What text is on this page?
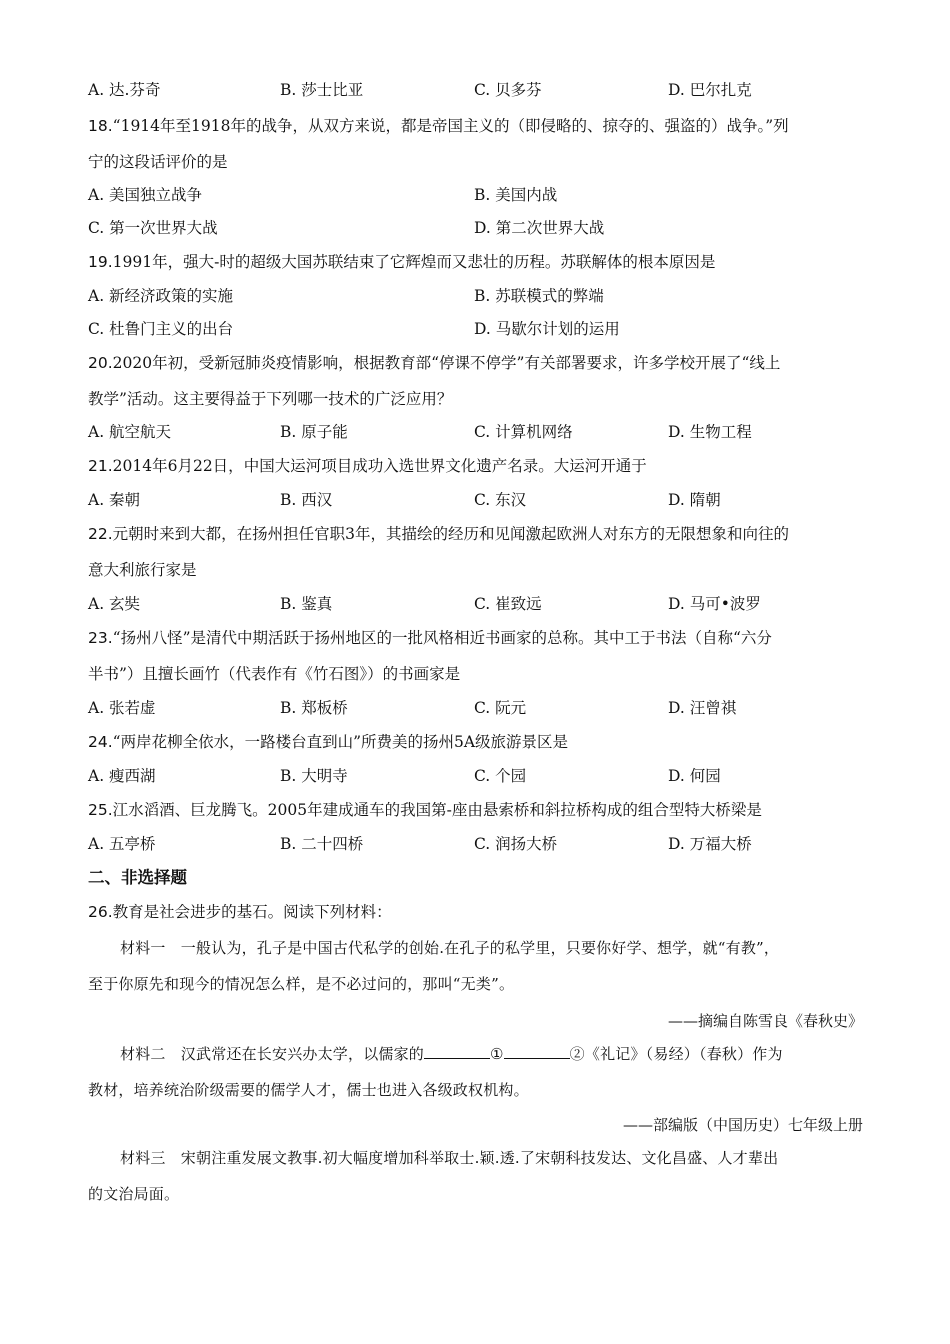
A. 达.芬奇	B. 莎士比亚	C. 贝多芬	D. 巴尔扎克
18.“1914年至1918年的战争，从双方来说，都是帝国主义的（即侵略的、掠夺的、强盗的）战争。”列
宁的这段话评价的是
A. 美国独立战争	B. 美国内战
C. 第一次世界大战	D. 第二次世界大战
19.1991年，强大-时的超级大国苏联结束了它辉煌而又悲壮的历程。苏联解体的根本原因是
A. 新经济政策的实施	B. 苏联模式的弊端
C. 杜鲁门主义的出台	D. 马歇尔计划的运用
20.2020年初，受新冠肺炎疫情影响，根据教育部“停课不停学”有关部署要求，许多学校开展了“线上
教学”活动。这主要得益于下列哪一技术的广泛应用？
A. 航空航天	B. 原子能	C. 计算机网络	D. 生物工程
21.2014年6月22日，中国大运河项目成功入选世界文化遗产名录。大运河开通于
A. 秦朝	B. 西汉	C. 东汉	D. 隋朝
22.元朝时来到大都，在扬州担任官职3年，其描绘的经历和见闻激起欧洲人对东方的无限想象和向往的
意大利旅行家是
A. 玄奘	B. 鉴真	C. 崔致远	D. 马可•波罗
23.“扬州八怪”是清代中期活跃于扬州地区的一批风格相近书画家的总称。其中工于书法（自称“六分
半书”）且擅长画竹（代表作有《竹石图》）的书画家是
A. 张若虚	B. 郑板桥	C. 阮元	D. 汪曾祺
24.“两岸花柳全依水，一路楼台直到山”所费美的扬州5A级旅游景区是
A. 瘦西湖	B. 大明寺	C. 个园	D. 何园
25.江水滔酒、巨龙腾飞。2005年建成通车的我国第-座由悬索桥和斜拉桥构成的组合型特大桥梁是
A. 五亭桥	B. 二十四桥	C. 润扬大桥	D. 万福大桥
二、非选择题
26.教育是社会进步的基石。阅读下列材料：
材料一　一般认为，孔子是中国古代私学的创始.在孔子的私学里，只要你好学、想学，就“有教”，
至于你原先和现今的情况怎么样，是不必过问的，那叫“无类”。
——摘编自陈雪良《春秋史》
材料二　汉武常还在长安兴办太学，以儒家的	①	②《礼记》（易经）（春秋）作为
教材，培养统治阶级需要的儒学人才，儒士也进入各级政权机构。
——部编版（中国历史）七年级上册
材料三　宋朝注重发展文教事.初大幅度增加科举取士.颖.透.了宋朝科技发达、文化昌盛、人才辈出
的文治局面。
